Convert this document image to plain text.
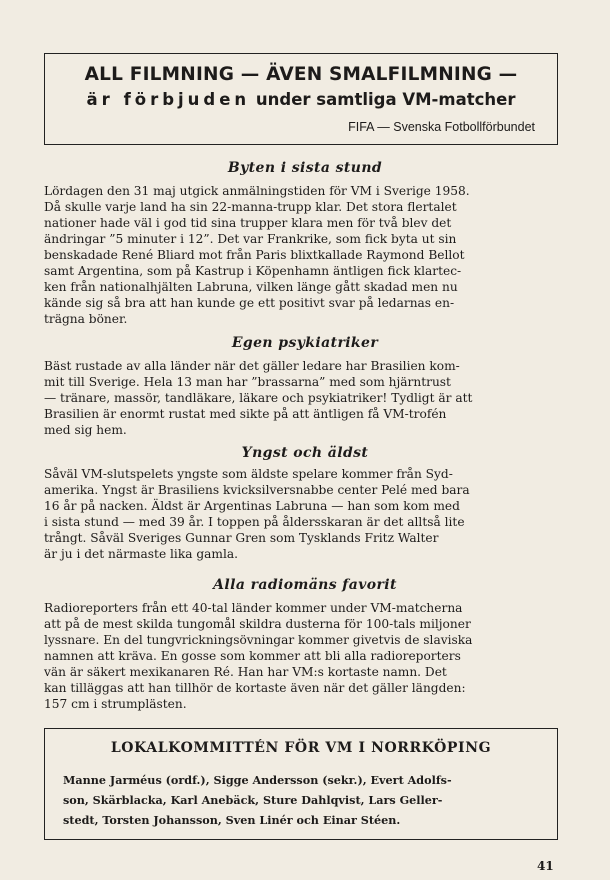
ALL FILMNING — ÄVEN SMALFILMNING —
är förbjuden under samtliga VM-matcher
FIFA — Svenska Fotbollförbundet
Byten i sista stund
Lördagen den 31 maj utgick anmälningstiden för VM i Sverige 1958.
Då skulle varje land ha sin 22-manna-trupp klar. Det stora flertalet
nationer hade väl i god tid sina trupper klara men för två blev det
ändringar ”5 minuter i 12”. Det var Frankrike, som fick byta ut sin
benskadade René Bliard mot från Paris blixtkallade Raymond Bellot
samt Argentina, som på Kastrup i Köpenhamn äntligen fick klartec-
ken från nationalhjälten Labruna, vilken länge gått skadad men nu
kände sig så bra att han kunde ge ett positivt svar på ledarnas en-
trägna böner.
Egen psykiatriker
Bäst rustade av alla länder när det gäller ledare har Brasilien kom-
mit till Sverige. Hela 13 man har ”brassarna” med som hjärntrust
— tränare, massör, tandläkare, läkare och psykiatriker! Tydligt är att
Brasilien är enormt rustat med sikte på att äntligen få VM-trofén
med sig hem.
Yngst och äldst
Såväl VM-slutspelets yngste som äldste spelare kommer från Syd-
amerika. Yngst är Brasiliens kvicksilversnabbe center Pelé med bara
16 år på nacken. Äldst är Argentinas Labruna — han som kom med
i sista stund — med 39 år. I toppen på åldersskaran är det alltså lite
trångt. Såväl Sveriges Gunnar Gren som Tysklands Fritz Walter
är ju i det närmaste lika gamla.
Alla radiomäns favorit
Radioreporters från ett 40-tal länder kommer under VM-matcherna
att på de mest skilda tungomål skildra dusterna för 100-tals miljoner
lyssnare. En del tungvrickningsövningar kommer givetvis de slaviska
namnen att kräva. En gosse som kommer att bli alla radioreporters
vän är säkert mexikanaren Ré. Han har VM:s kortaste namn. Det
kan tilläggas att han tillhör de kortaste även när det gäller längden:
157 cm i strumplästen.
LOKALKOMMITTÉN FÖR VM I NORRKÖPING
Manne Jarméus (ordf.), Sigge Andersson (sekr.), Evert Adolfs-
son, Skärblacka, Karl Anebäck, Sture Dahlqvist, Lars Geller-
stedt, Torsten Johansson, Sven Linér och Einar Stéen.
41
